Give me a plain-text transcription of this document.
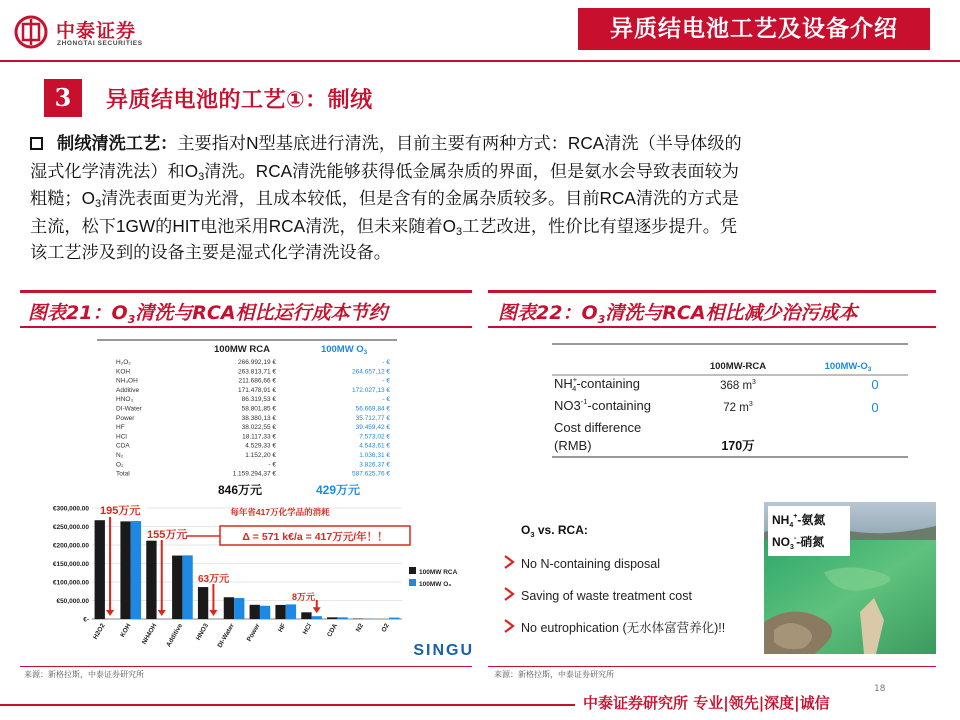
中泰证券
ZHONGTAI SECURITIES
异质结电池工艺及设备介绍
3	异质结电池的工艺①：制绒
制绒清洗工艺：主要指对N型基底进行清洗，目前主要有两种方式：RCA清洗（半导体级的
湿式化学清洗法）和$O_3$清洗。RCA清洗能够获得低金属杂质的界面，但是氨水会导致表面较为
粗糙；$O_3$清洗表面更为光滑，且成本较低，但是含有的金属杂质较多。目前RCA清洗的方式是
主流，松下1GW的HIT电池采用RCA清洗，但未来随着$O_3$工艺改进，性价比有望逐步提升。凭
该工艺涉及到的设备主要是湿式化学清洗设备。
图表21：$O_3$清洗与RCA相比运行成本节约
100MW RCA	100MW $O_3$
H₂O₂	266.992,19 €	- €
KOH	263.813,71 €	264.657,12 €
NH₄OH	211.686,66 €	- €
Additive	171.478,91 €	172.027,13 €
HNO₃	86.319,53 €	- €
DI-Water	58.801,85 €	56.669,84 €
Power	38.380,13 €	35.712,77 €
HF	38.022,55 €	39.459,42 €
HCl	18.117,33 €	7.573,02 €
CDA	4.529,33 €	4.543,61 €
N₂	1.152,20 €	1.036,31 €
O₂	- €	3.826,37 €
Total	1.159.294,37 €	587.625,76 €
846万元	429万元
€300,000.00
€250,000.00
€200,000.00
€150,000.00
€100,000.00
€50,000.00
€-
H2O2 KOH NH4OH Additive HNO3 DI-Water Power HF HCl CDA N2 O2
100MW RCA
100MW O₃
每年省417万化学品的消耗
Δ = 571 k€/a = 417万元/年！！
195万元
155万元
63万元
8万元
SINGU
来源：新格拉斯，中泰证券研究所
图表22：$O_3$清洗与RCA相比减少治污成本
100MW-RCA	$100MW-O_3$
NH+ 4-containing	368 $m^3$	0
$NO3^{-1}$-containing	72 $m^3$	0
Cost difference
(RMB)	170万
$O_3$ vs. RCA:
No N-containing disposal
Saving of waste treatment cost
No eutrophication (无水体富营养化)!!
$NH_4^+-$氨氮
$NO_3^--$硝氮
来源：新格拉斯，中泰证券研究所
18
中泰证券研究所 专业|领先|深度|诚信
